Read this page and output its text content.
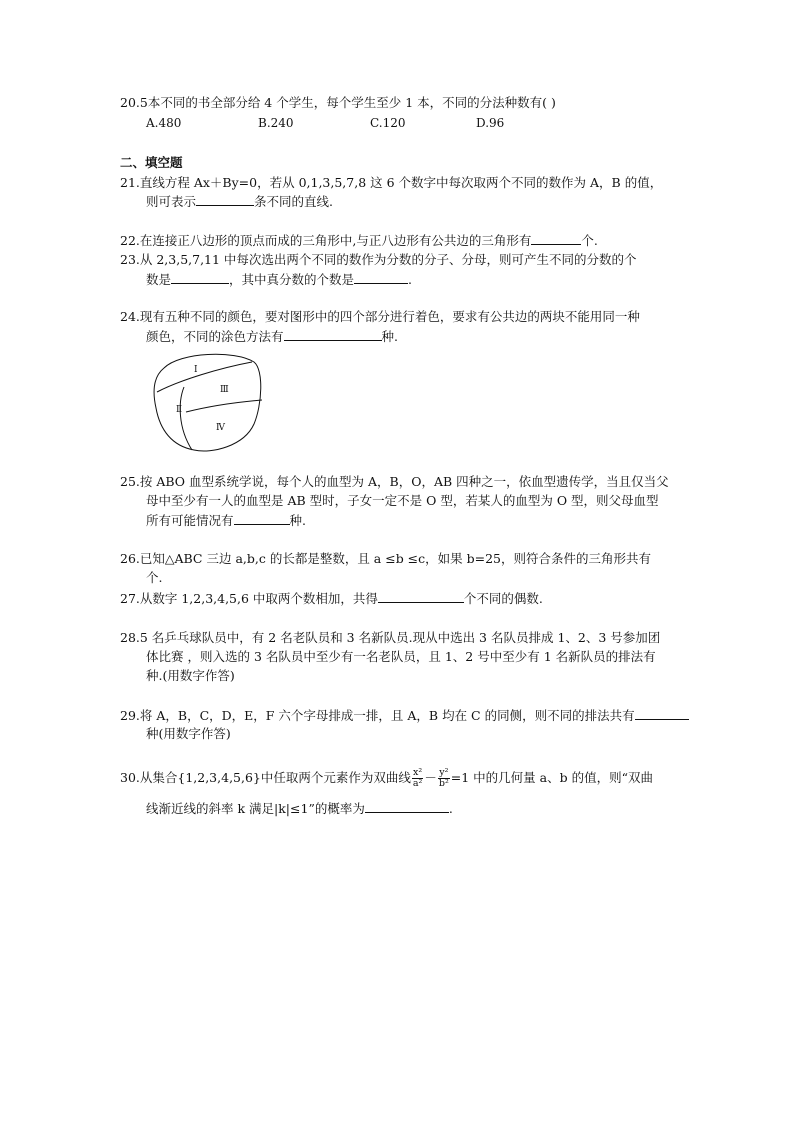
20.5本不同的书全部分给 4 个学生，每个学生至少 1 本，不同的分法种数有( )
A.480	B.240	C.120	D.96
二、填空题
21.直线方程 Ax＋By=0，若从 0,1,3,5,7,8 这 6 个数字中每次取两个不同的数作为 A，B 的值，
则可表示	条不同的直线.
22.在连接正八边形的顶点而成的三角形中,与正八边形有公共边的三角形有	个.
23.从 2,3,5,7,11 中每次选出两个不同的数作为分数的分子、分母，则可产生不同的分数的个
数是	，其中真分数的个数是	.
24.现有五种不同的颜色，要对图形中的四个部分进行着色，要求有公共边的两块不能用同一种
颜色，不同的涂色方法有	种.
Ⅰ
Ⅱ
Ⅲ
Ⅳ
25.按 ABO 血型系统学说，每个人的血型为 A，B，O，AB 四种之一，依血型遗传学，当且仅当父
母中至少有一人的血型是 AB 型时，子女一定不是 O 型，若某人的血型为 O 型，则父母血型
所有可能情况有	种.
26.已知△ABC 三边 a,b,c 的长都是整数，且 a ≤b ≤c，如果 b=25，则符合条件的三角形共有
个.
27.从数字 1,2,3,4,5,6 中取两个数相加，共得	个不同的偶数.
28.5 名乒乓球队员中，有 2 名老队员和 3 名新队员.现从中选出 3 名队员排成 1、2、3 号参加团
体比赛 ，则入选的 3 名队员中至少有一名老队员，且 1、2 号中至少有 1 名新队员的排法有
种.(用数字作答)
29.将 A，B，C，D，E，F 六个字母排成一排，且 A，B 均在 C 的同侧，则不同的排法共有
种(用数字作答)
30.从集合{1,2,3,4,5,6}中任取两个元素作为双曲线 $\frac{\text{x²}}{\text{a²}} - \frac{\text{y²}}{\text{b²}} =1$ 中的几何量 a、b 的值，则“双曲
线渐近线的斜率 k 满足|k|≤1”的概率为	.
